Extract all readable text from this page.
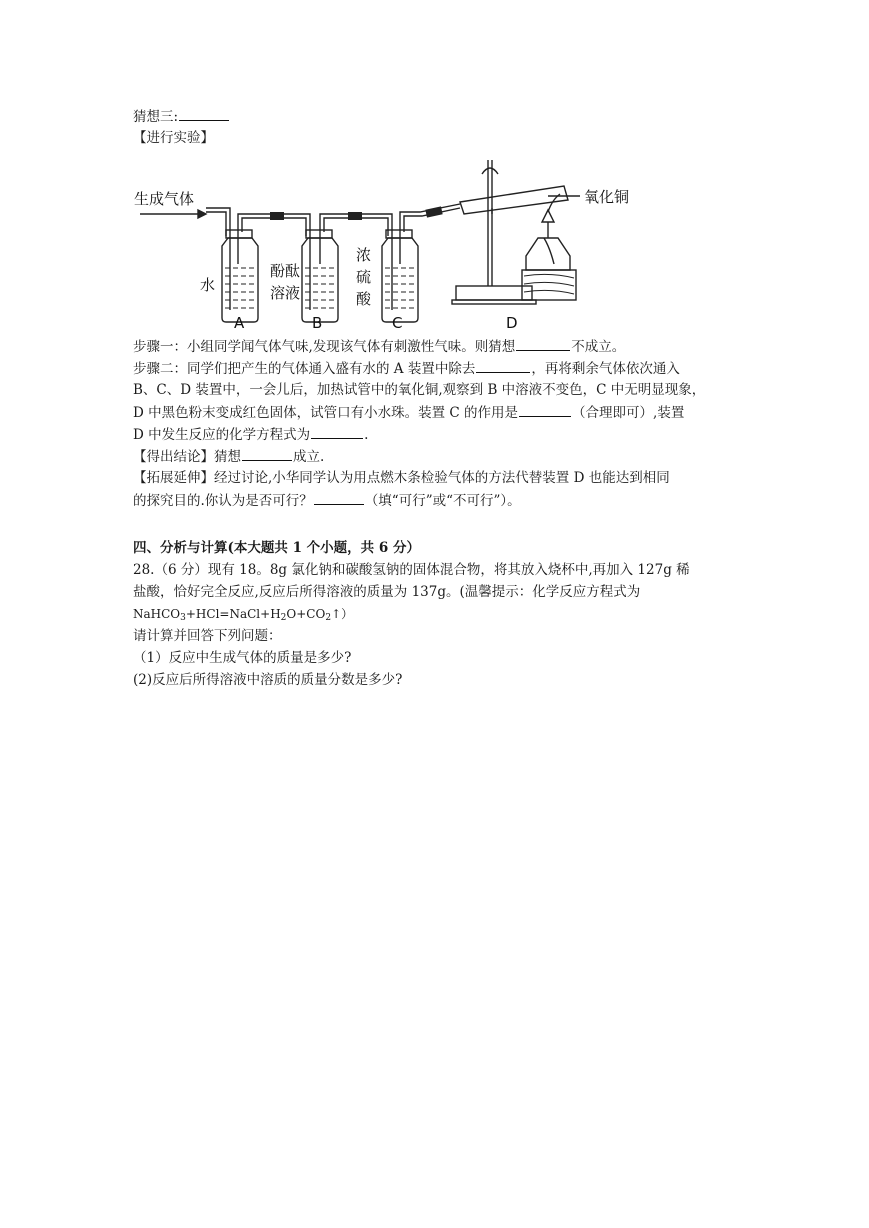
猜想三:
【进行实验】
生成气体	氧化铜
水
酚酞
溶液
浓
硫
酸
A	B	C	D
步骤一：小组同学闻气体气味,发现该气体有刺激性气味。则猜想	不成立。
步骤二：同学们把产生的气体通入盛有水的 A 装置中除去	，再将剩余气体依次通入
B、C、D 装置中，一会儿后，加热试管中的氧化铜,观察到 B 中溶液不变色，C 中无明显现象，
D 中黑色粉末变成红色固体，试管口有小水珠。装置 C 的作用是	（合理即可）,装置
D 中发生反应的化学方程式为	.
【得出结论】猜想	成立.
【拓展延伸】经过讨论,小华同学认为用点燃木条检验气体的方法代替装置 D 也能达到相同
的探究目的.你认为是否可行？	（填“可行”或“不可行”）。
四、分析与计算(本大题共 1 个小题，共 6 分）
28.（6 分）现有 18。8g 氯化钠和碳酸氢钠的固体混合物，将其放入烧杯中,再加入 127g 稀
盐酸，恰好完全反应,反应后所得溶液的质量为 137g。(温馨提示：化学反应方程式为
$NaHCO_3+HCl=NaCl+H_2O+CO_2↑$）
请计算并回答下列问题：
（1）反应中生成气体的质量是多少?
(2)反应后所得溶液中溶质的质量分数是多少?
